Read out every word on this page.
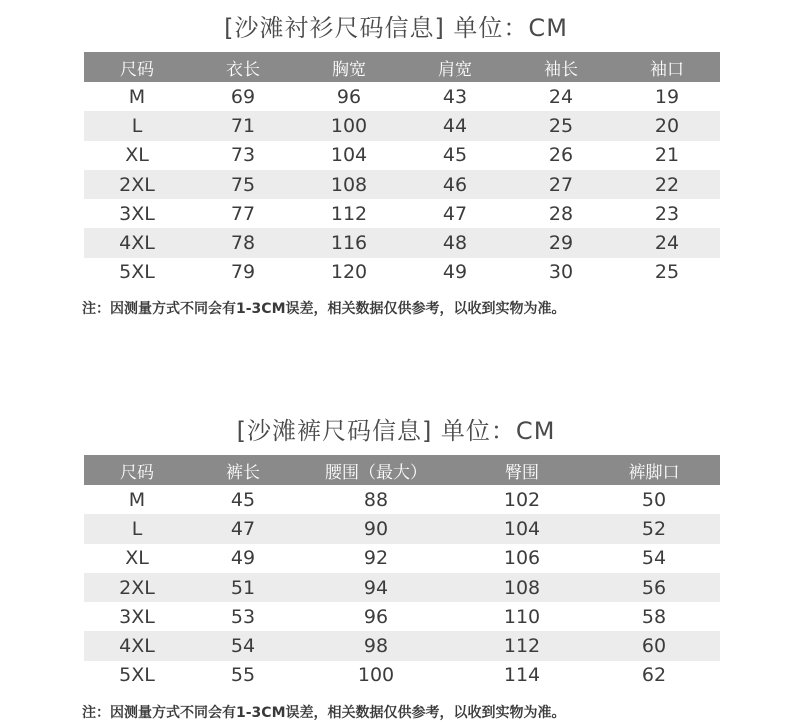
[沙滩衬衫尺码信息] 单位：CM
尺码	衣长	胸宽	肩宽	袖长	袖口
M	69	96	43	24	19
L	71	100	44	25	20
XL	73	104	45	26	21
2XL	75	108	46	27	22
3XL	77	112	47	28	23
4XL	78	116	48	29	24
5XL	79	120	49	30	25
注：因测量方式不同会有1-3CM误差，相关数据仅供参考，以收到实物为准。
[沙滩裤尺码信息] 单位：CM
尺码	裤长	腰围（最大）	臀围	裤脚口
M	45	88	102	50
L	47	90	104	52
XL	49	92	106	54
2XL	51	94	108	56
3XL	53	96	110	58
4XL	54	98	112	60
5XL	55	100	114	62
注：因测量方式不同会有1-3CM误差，相关数据仅供参考，以收到实物为准。
